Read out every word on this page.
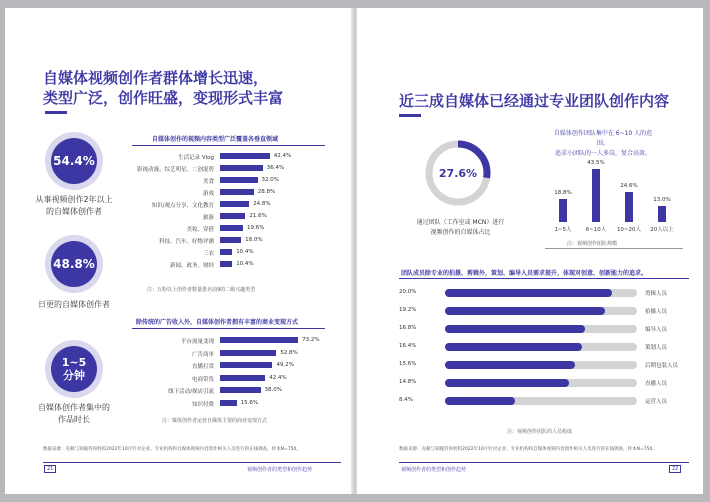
自媒体视频创作者群体增长迅速，
类型广泛，创作旺盛，变现形式丰富
54.4%
从事视频创作2年以上
的自媒体创作者
48.8%
日更的自媒体创作者
1~5
分钟
自媒体创作者集中的
作品时长
自媒体创作的视频内容类型广泛覆盖各垂直领域
生活记录 Vlog	42.4%
影视动漫、综艺明星、二创混剪	36.4%
美食	32.0%
游戏	28.8%
知识/观点分享、文化教育	24.8%
旅游	21.6%
美妆、穿搭	19.6%
科技、汽车、好物评测	18.0%
三农	10.4%
新闻、政务、财经	10.4%
注：万粉以上创作者数量排名前9的二级兴趣类型
除传统的广告收入外，自媒体创作者拥有丰富的商业变现方式
平台流量变现	73.2%
广告商单	52.8%
直播打赏	49.2%
电商带货	42.4%
线下活动/探店引流	38.0%
知识付费	15.6%
注：媒体创作者运营自媒体主要的商业变现方式
数据来源：克顿与知瞳咨询机构2022年10月针对企业、专业机构和自媒体视频内容创作相关人员进行的在线调查，样本N=750。
21	视频创作者的类型和创作趋势
近三成自媒体已经通过专业团队创作内容
27.6%
通过团队（工作室或 MCN）进行
视频创作的自媒体占比
自媒体创作团队集中在 6~10 人的范围。
追求小团队的一人多岗，复合高效。
18.8%
1~5人
43.5%
6~10人
24.6%
10~20人
13.0%
20人以上
注：视频创作团队规模
团队成员除专业的拍摄、剪辑外，策划、编导人员需求提升，体现对创意、创新能力的追求。
20.0%	剪辑人员
19.2%	拍摄人员
16.8%	编导人员
16.4%	策划人员
15.6%	后期包装人员
14.8%	直播人员
8.4%	运营人员
注：视频创作团队的人员构成
数据来源：克顿与知瞳咨询机构2022年10月针对企业、专业机构和自媒体视频内容创作相关人员进行的在线调查，样本N=750。
视频创作者的类型和创作趋势	22
